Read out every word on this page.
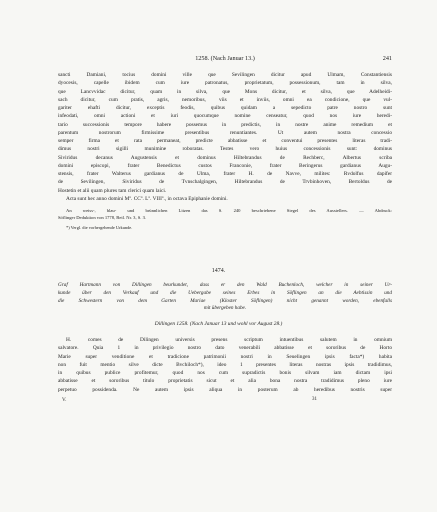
1258. (Nach Januar 13.)	241
sancti Damiani, tocius domini ville que Sevilingen dicitur apud Ulmam, Constantiensis
dyocesis, capelle ibidem cum iure patronatus, proprietatum, possessionum, tam in silva,
que Lancvvidac dicitur, quam in silva, que Mons dicitur, et silva, que Adelheidi-
sach dicitur, cum pratis, agris, nemoribus, viis et inviis, omni ea condicione, que vul-
gariter ehafti dicitur, exceptis feodis, quibus quidam a sepedicto patre nostro sunt
infeodati, omni actioni et iuri quocumque nomine censeatur, quod nos iure heredi-
tario successionis tempore habere possemus in predictis, in nostre anime remedium et
parentum nostrorum firmissime presentibus renuntiantes. Ut autem nostra concessio
semper firma et rata permaneat, predicte abbatisse et conventui presentes literas tradi-
dimus nostri sigilli munimine roboratas. Testes vero huius concessionis sunt: dominus
Siviridus decanus Augustensis et dominus Hiltebrandus de Rechberc, Albertus scriba
domini episcopi, frater Benedictus custos Franconie, frater Beringerus gardianus Augu-
stensis, frater Walterus gardianus de Ulma, frater H. de Navve, milites: Rvdolfus dapifer
de Sevilingen, Siviridus de Tvnschalgingen, Hiltebrandus de Trvbinhoven, Bertoldus de
Hostetin et alii quam plures tam clerici quam laici.
Acta sunt hec anno domini Mº. CCº. Lº. VIIIº., in octava Epiphanie domini.
An weiss-, blau- und brünnlichen Litzen das S. 240 beschriebene Siegel des Ausstellers. — Abdruck:
Söflinger Deduktion von 1778, Beil. Nr. 3, S. 3.
*) Vergl. die vorhergehende Urkunde.
1474.
Graf Hartmann von Dillingen beurkundet, dass er den Wald Buchenloch, welcher in seiner Ur-
kunde über den Verkauf und die Uebergabe seines Erbes in Söflingen an die Aebtissin und
die Schwestern von dem Garten Mariae (Kloster Söflingen) nicht genannt worden, ebenfalls
mit übergeben habe.
Dillingen 1258. (Nach Januar 13 und wohl vor August 28.)
H. comes de Dilingen universis presens scriptum intuentibus salutem in omnium
salvatore. Quia 1 in privilegio nostro dato venerabili abbatisse et sororibus de Horto
Marie super venditione et tradicione patrimonii nostri in Seuelingen ipsis facta*) habita
non fuit mentio silve dicte Bvchiloch*), ideo 1 presentes literas nostras ipsis tradidimus,
in quibus publice profitemur, quod nos cum supradictis bonis silvam iam dictam ipsi
abbatisse et sororibus titulo proprietatis sicut et alia bona nostra tradidimus pleno iure
perpetuo possidenda. Ne autem ipsis aliqua in posterum ab heredibus nostris super
V.	31
